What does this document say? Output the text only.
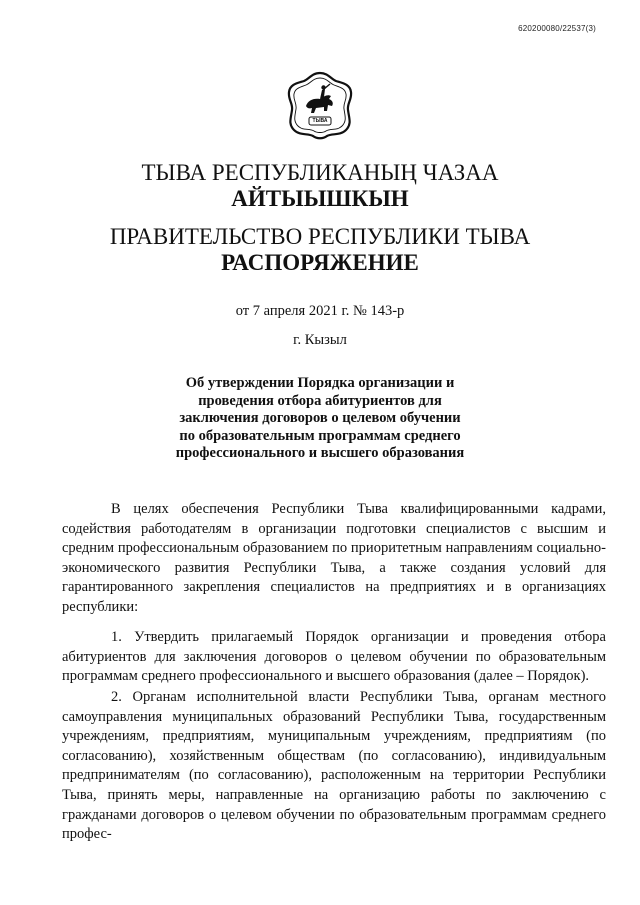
620200080/22537(3)
ТЫВА
ТЫВА РЕСПУБЛИКАНЫҢ ЧАЗАА
АЙТЫЫШКЫН
ПРАВИТЕЛЬСТВО РЕСПУБЛИКИ ТЫВА
РАСПОРЯЖЕНИЕ
от 7 апреля 2021 г. № 143-р
г. Кызыл
Об утверждении Порядка организации и
проведения отбора абитуриентов для
заключения договоров о целевом обучении
по образовательным программам среднего
профессионального и высшего образования

В целях обеспечения Республики Тыва квалифицированными кадрами, содействия работодателям в организации подготовки специалистов с высшим и средним профессиональным образованием по приоритетным направлениям социально-экономического развития Республики Тыва, а также создания условий для гарантированного закрепления специалистов на предприятиях и в организациях республики:

1. Утвердить прилагаемый Порядок организации и проведения отбора абитуриентов для заключения договоров о целевом обучении по образовательным программам среднего профессионального и высшего образования (далее – Порядок).

2. Органам исполнительной власти Республики Тыва, органам местного самоуправления муниципальных образований Республики Тыва, государственным учреждениям, предприятиям, муниципальным учреждениям, предприятиям (по согласованию), хозяйственным обществам (по согласованию), индивидуальным предпринимателям (по согласованию), расположенным на территории Республики Тыва, принять меры, направленные на организацию работы по заключению с гражданами договоров о целевом обучении по образовательным программам среднего профес-
